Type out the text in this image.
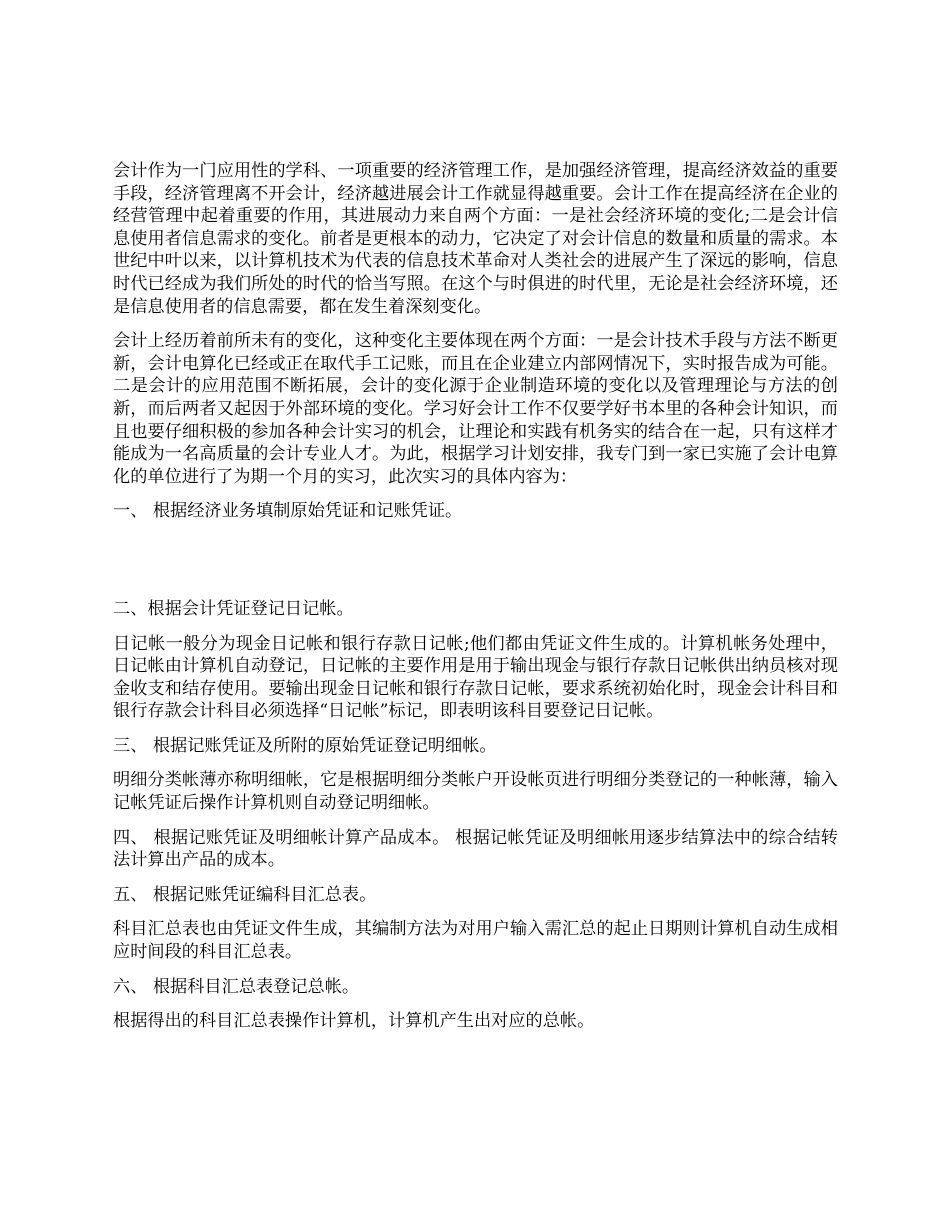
会计作为一门应用性的学科、一项重要的经济管理工作，是加强经济管理，提高经济效益的重要手段，经济管理离不开会计，经济越进展会计工作就显得越重要。会计工作在提高经济在企业的经营管理中起着重要的作用，其进展动力来自两个方面：一是社会经济环境的变化;二是会计信息使用者信息需求的变化。前者是更根本的动力，它决定了对会计信息的数量和质量的需求。本世纪中叶以来，以计算机技术为代表的信息技术革命对人类社会的进展产生了深远的影响，信息时代已经成为我们所处的时代的恰当写照。在这个与时俱进的时代里，无论是社会经济环境，还是信息使用者的信息需要，都在发生着深刻变化。

会计上经历着前所未有的变化，这种变化主要体现在两个方面：一是会计技术手段与方法不断更新，会计电算化已经或正在取代手工记账，而且在企业建立内部网情况下，实时报告成为可能。二是会计的应用范围不断拓展，会计的变化源于企业制造环境的变化以及管理理论与方法的创新，而后两者又起因于外部环境的变化。学习好会计工作不仅要学好书本里的各种会计知识，而且也要仔细积极的参加各种会计实习的机会，让理论和实践有机务实的结合在一起，只有这样才能成为一名高质量的会计专业人才。为此，根据学习计划安排，我专门到一家已实施了会计电算化的单位进行了为期一个月的实习，此次实习的具体内容为：

一、 根据经济业务填制原始凭证和记账凭证。

二、根据会计凭证登记日记帐。

日记帐一般分为现金日记帐和银行存款日记帐;他们都由凭证文件生成的。计算机帐务处理中，日记帐由计算机自动登记，日记帐的主要作用是用于输出现金与银行存款日记帐供出纳员核对现金收支和结存使用。要输出现金日记帐和银行存款日记帐，要求系统初始化时，现金会计科目和银行存款会计科目必须选择“日记帐”标记，即表明该科目要登记日记帐。

三、 根据记账凭证及所附的原始凭证登记明细帐。

明细分类帐薄亦称明细帐，它是根据明细分类帐户开设帐页进行明细分类登记的一种帐薄，输入记帐凭证后操作计算机则自动登记明细帐。

四、 根据记账凭证及明细帐计算产品成本。 根据记帐凭证及明细帐用逐步结算法中的综合结转法计算出产品的成本。

五、 根据记账凭证编科目汇总表。

科目汇总表也由凭证文件生成，其编制方法为对用户输入需汇总的起止日期则计算机自动生成相应时间段的科目汇总表。

六、 根据科目汇总表登记总帐。

根据得出的科目汇总表操作计算机，计算机产生出对应的总帐。
